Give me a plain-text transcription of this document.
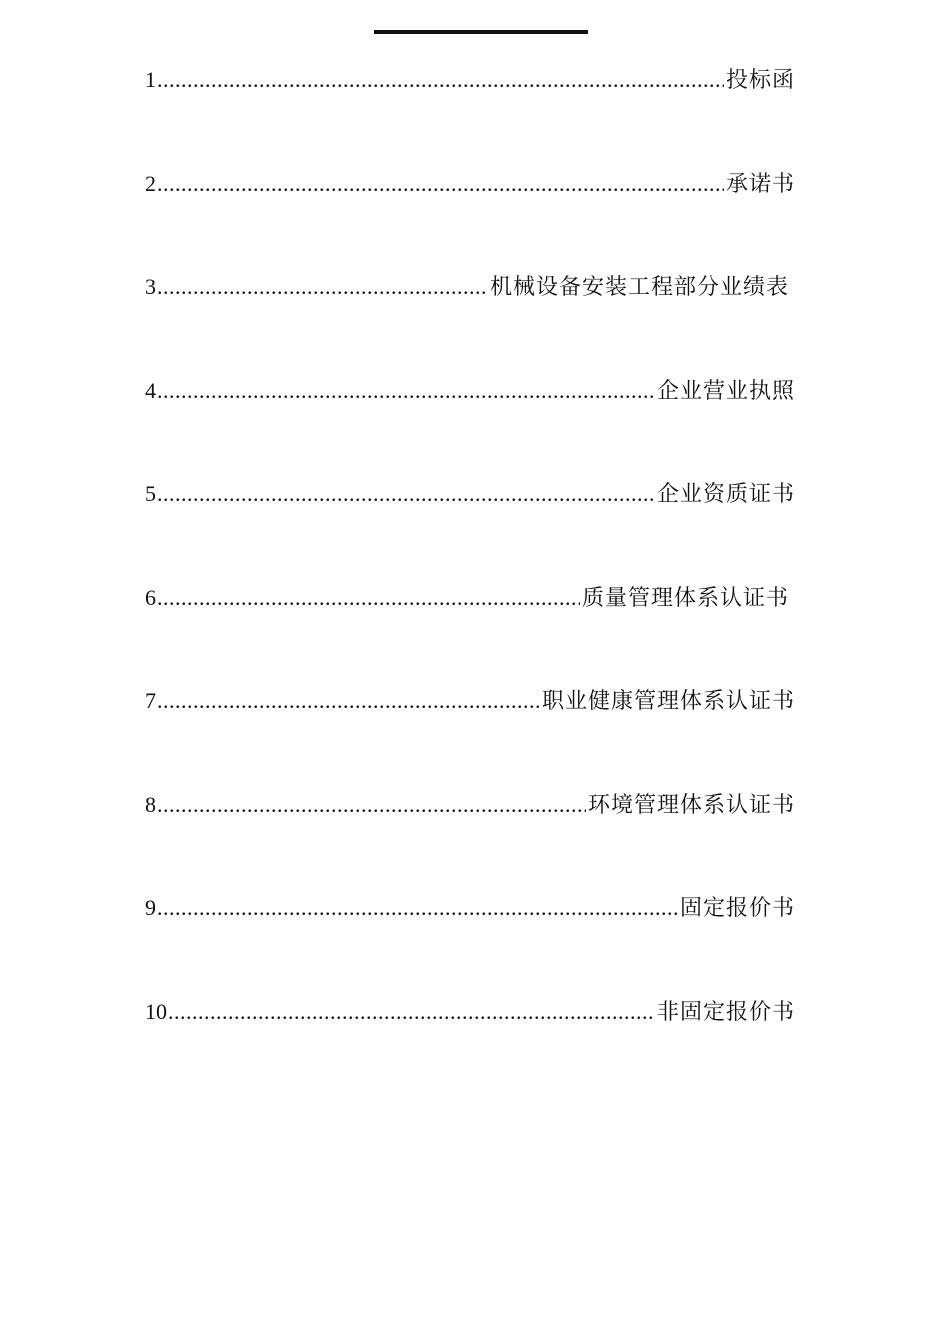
1 .....	投标函
2 .....	承诺书
3 .....	机械设备安装工程部分业绩表
4 .....	企业营业执照
5 .....	企业资质证书
6 .....	质量管理体系认证书
7 .....	职业健康管理体系认证书
8 .....	环境管理体系认证书
9 .....	固定报价书
10 .....	非固定报价书
